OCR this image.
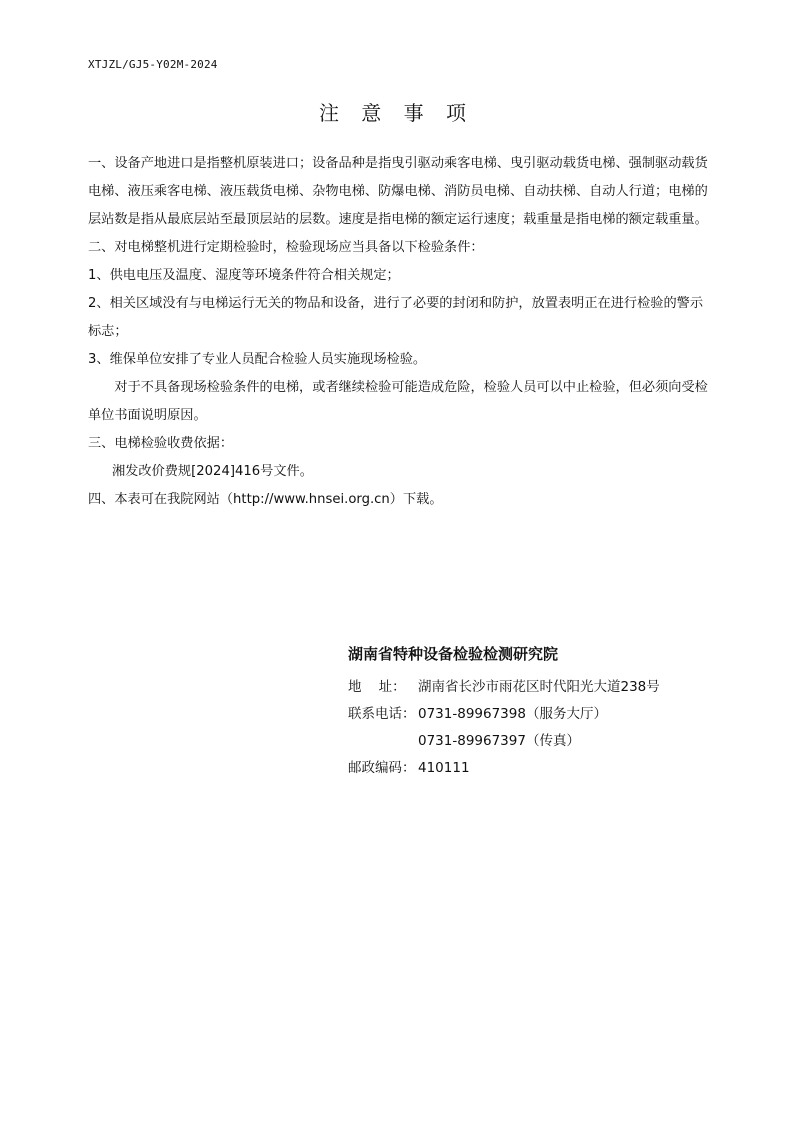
XTJZL/GJ5-Y02M-2024
注 意 事 项

一、设备产地进口是指整机原装进口；设备品种是指曳引驱动乘客电梯、曳引驱动载货电梯、强制驱动载货电梯、液压乘客电梯、液压载货电梯、杂物电梯、防爆电梯、消防员电梯、自动扶梯、自动人行道；电梯的层站数是指从最底层站至最顶层站的层数。速度是指电梯的额定运行速度；载重量是指电梯的额定载重量。

二、对电梯整机进行定期检验时，检验现场应当具备以下检验条件：

1、供电电压及温度、湿度等环境条件符合相关规定；

2、相关区域没有与电梯运行无关的物品和设备，进行了必要的封闭和防护，放置表明正在进行检验的警示标志；

3、维保单位安排了专业人员配合检验人员实施现场检验。

对于不具备现场检验条件的电梯，或者继续检验可能造成危险，检验人员可以中止检验，但必须向受检单位书面说明原因。

三、电梯检验收费依据：

湘发改价费规[2024]416号文件。

四、本表可在我院网站（http://www.hnsei.org.cn）下载。

湖南省特种设备检验检测研究院
地    址： 湖南省长沙市雨花区时代阳光大道238号
联系电话： 0731-89967398（服务大厅）
0731-89967397（传真）
邮政编码： 410111
